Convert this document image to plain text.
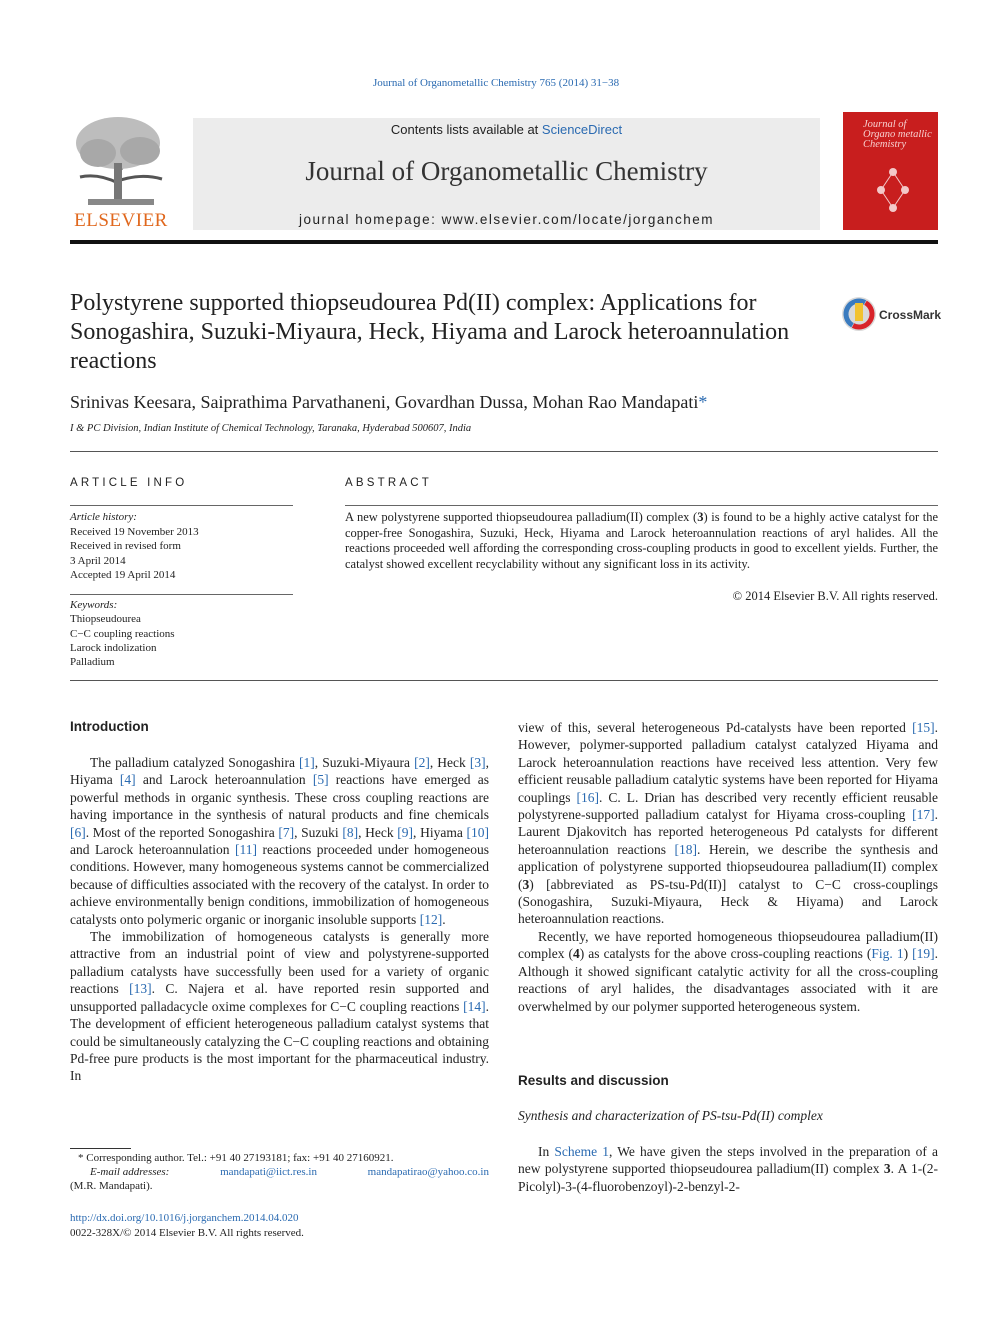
Journal of Organometallic Chemistry 765 (2014) 31−38
ELSEVIER
Contents lists available at ScienceDirect
Journal of Organometallic Chemistry
journal homepage: www.elsevier.com/locate/jorganchem
Journal of Organo metallic Chemistry
Polystyrene supported thiopseudourea Pd(II) complex: Applications for Sonogashira, Suzuki-Miyaura, Heck, Hiyama and Larock heteroannulation reactions
CrossMark
Srinivas Keesara, Saiprathima Parvathaneni, Govardhan Dussa, Mohan Rao Mandapati*
I & PC Division, Indian Institute of Chemical Technology, Taranaka, Hyderabad 500607, India
ARTICLE INFO	ABSTRACT
Article history:
Received 19 November 2013
Received in revised form
3 April 2014
Accepted 19 April 2014
Keywords:
Thiopseudourea
C−C coupling reactions
Larock indolization
Palladium
A new polystyrene supported thiopseudourea palladium(II) complex (3) is found to be a highly active catalyst for the copper-free Sonogashira, Suzuki, Heck, Hiyama and Larock heteroannulation reactions of aryl halides. All the reactions proceeded well affording the corresponding cross-coupling products in good to excellent yields. Further, the catalyst showed excellent recyclability without any significant loss in its activity.
© 2014 Elsevier B.V. All rights reserved.
Introduction

The palladium catalyzed Sonogashira [1], Suzuki-Miyaura [2], Heck [3], Hiyama [4] and Larock heteroannulation [5] reactions have emerged as powerful methods in organic synthesis. These cross coupling reactions are having importance in the synthesis of natural products and fine chemicals [6]. Most of the reported Sonogashira [7], Suzuki [8], Heck [9], Hiyama [10] and Larock heteroannulation [11] reactions proceeded under homogeneous conditions. However, many homogeneous systems cannot be commercialized because of difficulties associated with the recovery of the catalyst. In order to achieve environmentally benign conditions, immobilization of homogeneous catalysts onto polymeric organic or inorganic insoluble supports [12].

The immobilization of homogeneous catalysts is generally more attractive from an industrial point of view and polystyrene-supported palladium catalysts have successfully been used for a variety of organic reactions [13]. C. Najera et al. have reported resin supported and unsupported palladacycle oxime complexes for C−C coupling reactions [14]. The development of efficient heterogeneous palladium catalyst systems that could be simultaneously catalyzing the C−C coupling reactions and obtaining Pd-free pure products is the most important for the pharmaceutical industry. In

* Corresponding author. Tel.: +91 40 27193181; fax: +91 40 27160921.
E-mail addresses:	mandapati@iict.res.in	mandapatirao@yahoo.co.in
(M.R. Mandapati).
http://dx.doi.org/10.1016/j.jorganchem.2014.04.020
0022-328X/© 2014 Elsevier B.V. All rights reserved.

view of this, several heterogeneous Pd-catalysts have been reported [15]. However, polymer-supported palladium catalyst catalyzed Hiyama and Larock heteroannulation reactions have received less attention. Very few efficient reusable palladium catalytic systems have been reported for Hiyama couplings [16]. C. L. Drian has described very recently efficient reusable polystyrene-supported palladium catalyst for Hiyama cross-coupling [17]. Laurent Djakovitch has reported heterogeneous Pd catalysts for different heteroannulation reactions [18]. Herein, we describe the synthesis and application of polystyrene supported thiopseudourea palladium(II) complex (3) [abbreviated as PS-tsu-Pd(II)] catalyst to C−C cross-couplings (Sonogashira, Suzuki-Miyaura, Heck & Hiyama) and Larock heteroannulation reactions.

Recently, we have reported homogeneous thiopseudourea palladium(II) complex (4) as catalysts for the above cross-coupling reactions (Fig. 1) [19]. Although it showed significant catalytic activity for all the cross-coupling reactions of aryl halides, the disadvantages associated with it are overwhelmed by our polymer supported heterogeneous system.

Results and discussion
Synthesis and characterization of PS-tsu-Pd(II) complex

In Scheme 1, We have given the steps involved in the preparation of a new polystyrene supported thiopseudourea palladium(II) complex 3. A 1-(2-Picolyl)-3-(4-fluorobenzoyl)-2-benzyl-2-
